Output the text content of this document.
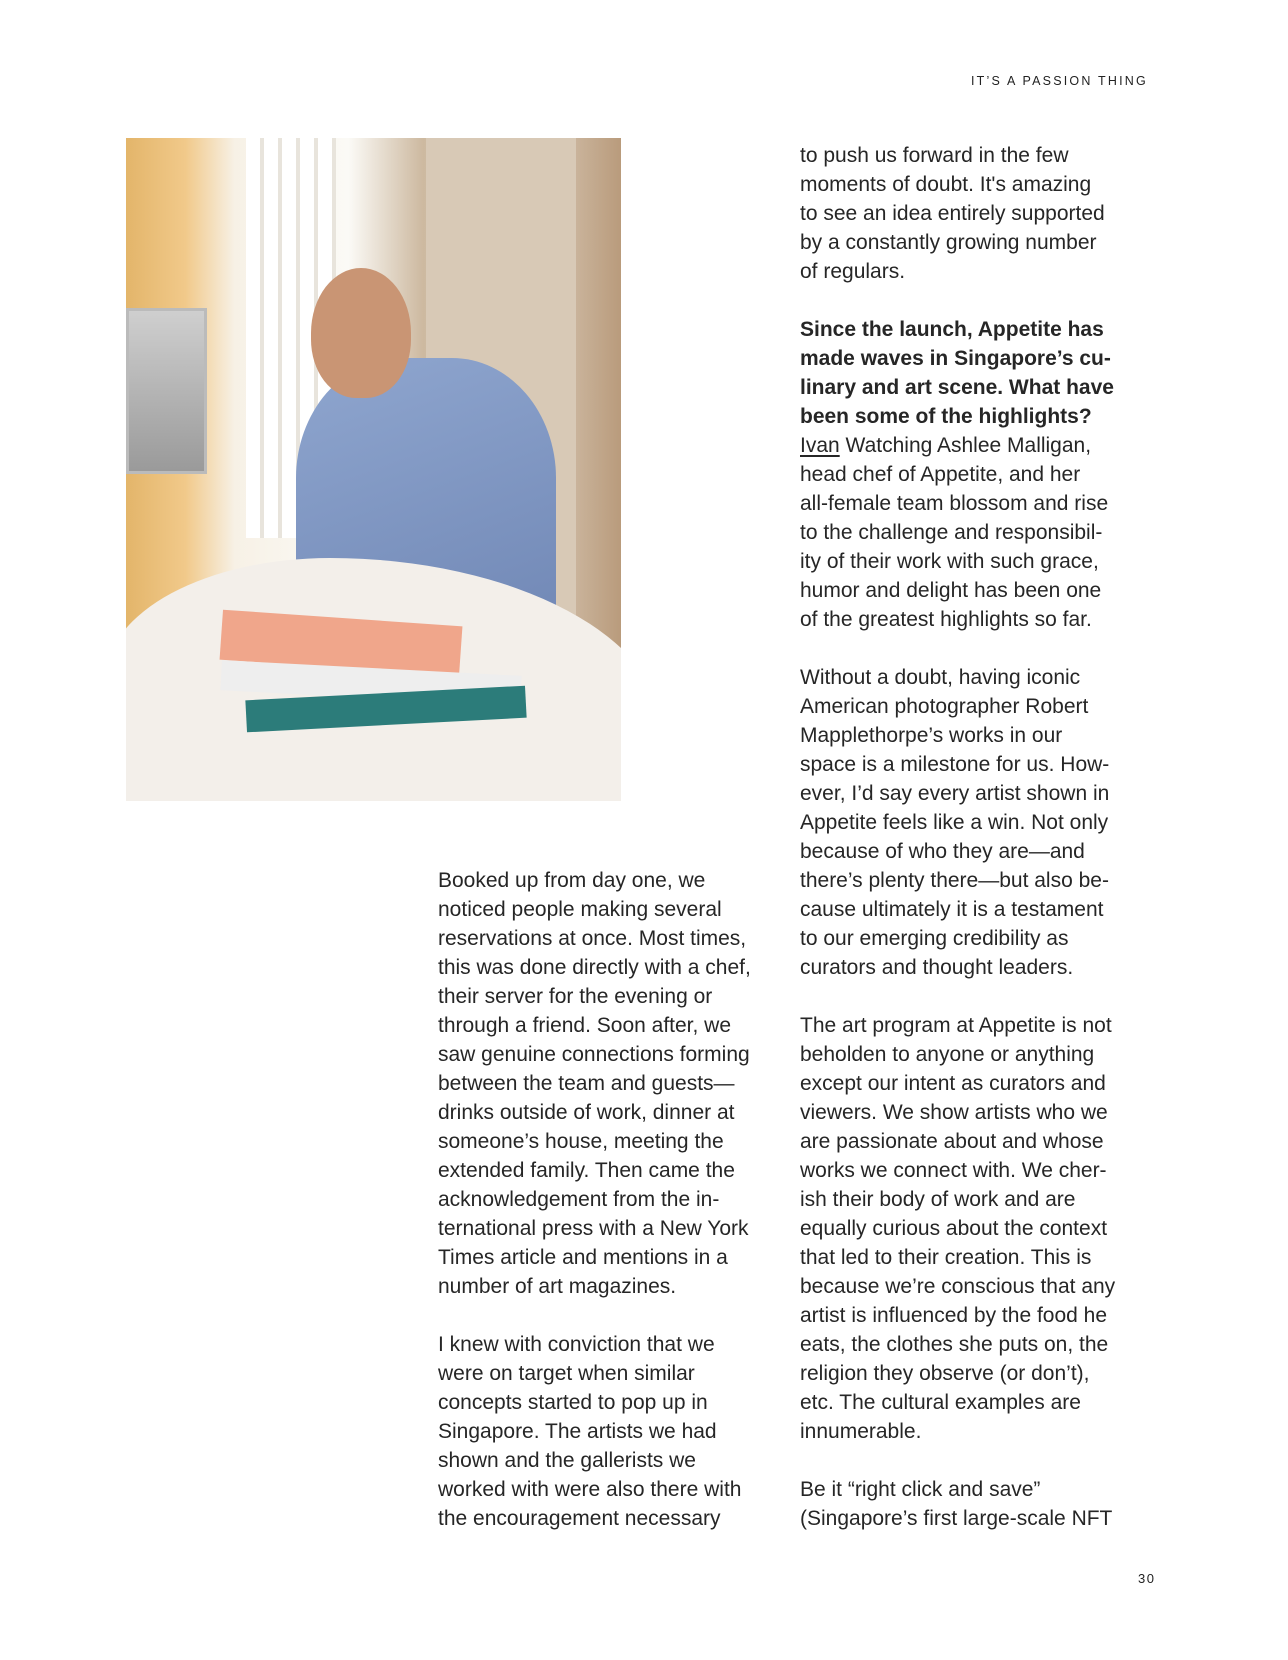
IT’S A PASSION THING
Booked up from day one, we
noticed people making several
reservations at once. Most times,
this was done directly with a chef,
their server for the evening or
through a friend. Soon after, we
saw genuine connections forming
between the team and guests—
drinks outside of work, dinner at
someone’s house, meeting the
extended family. Then came the
acknowledgement from the in-
ternational press with a New York
Times article and mentions in a
number of art magazines.
I knew with conviction that we
were on target when similar
concepts started to pop up in
Singapore. The artists we had
shown and the gallerists we
worked with were also there with
the encouragement necessary
to push us forward in the few
moments of doubt. It's amazing
to see an idea entirely supported
by a constantly growing number
of regulars.
Since the launch, Appetite has
made waves in Singapore’s cu-
linary and art scene. What have
been some of the highlights?
Ivan Watching Ashlee Malligan,
head chef of Appetite, and her
all-female team blossom and rise
to the challenge and responsibil-
ity of their work with such grace,
humor and delight has been one
of the greatest highlights so far.
Without a doubt, having iconic
American photographer Robert
Mapplethorpe’s works in our
space is a milestone for us. How-
ever, I’d say every artist shown in
Appetite feels like a win. Not only
because of who they are—and
there’s plenty there—but also be-
cause ultimately it is a testament
to our emerging credibility as
curators and thought leaders.
The art program at Appetite is not
beholden to anyone or anything
except our intent as curators and
viewers. We show artists who we
are passionate about and whose
works we connect with. We cher-
ish their body of work and are
equally curious about the context
that led to their creation. This is
because we’re conscious that any
artist is influenced by the food he
eats, the clothes she puts on, the
religion they observe (or don’t),
etc. The cultural examples are
innumerable.
Be it “right click and save”
(Singapore’s first large-scale NFT
30
